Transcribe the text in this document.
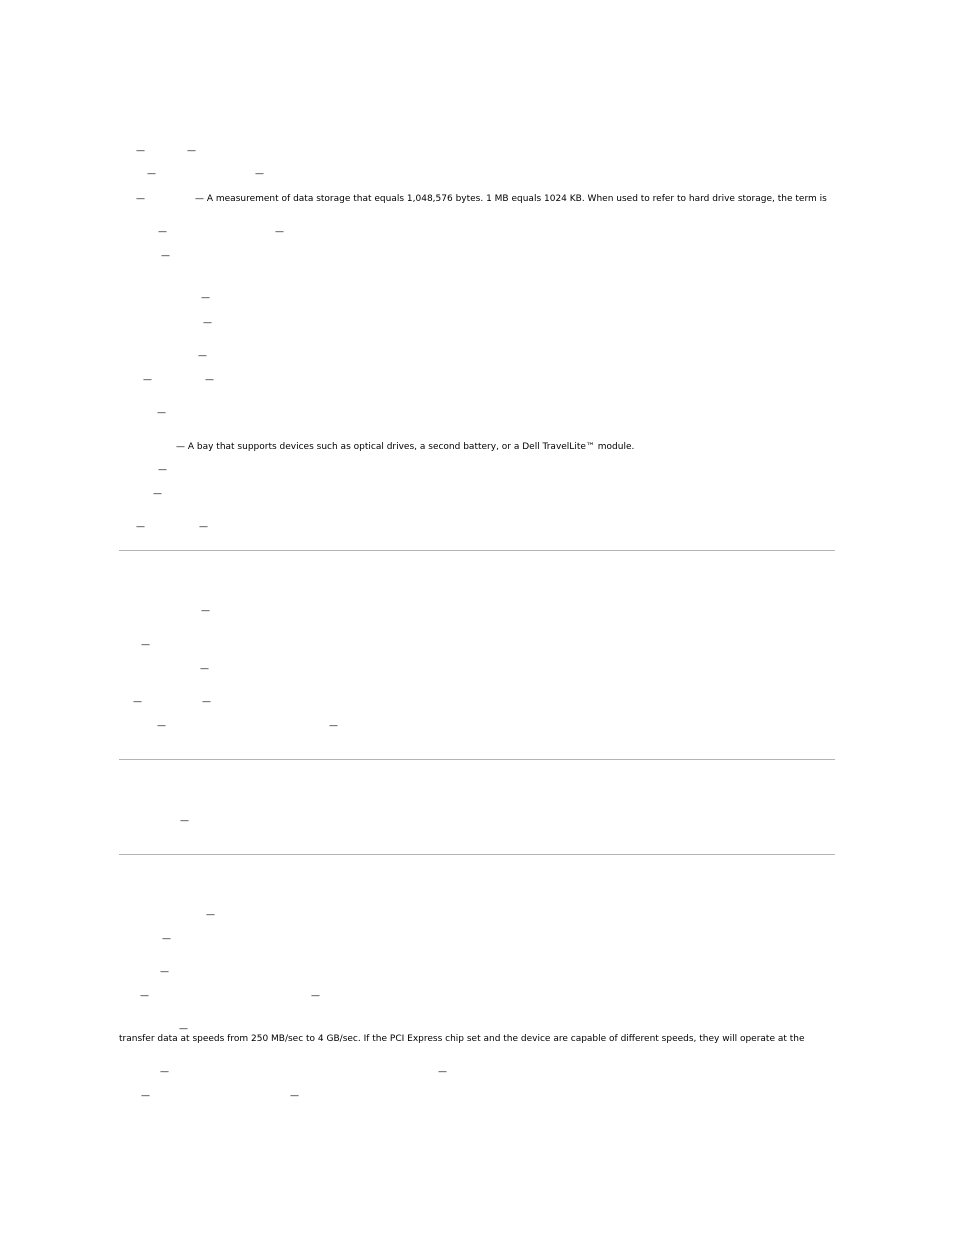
—	—
—	—
—	— A measurement of data storage that equals 1,048,576 bytes. 1 MB equals 1024 KB. When used to refer to hard drive storage, the term is
—	—
—
—
—
—
—	—
—
— A bay that supports devices such as optical drives, a second battery, or a Dell TravelLite™ module.
—
—
—	—
—
—
—
—	—
—	—
—
—
—
—
—	—
—
transfer data at speeds from 250 MB/sec to 4 GB/sec. If the PCI Express chip set and the device are capable of different speeds, they will operate at the
—	—
—	—
